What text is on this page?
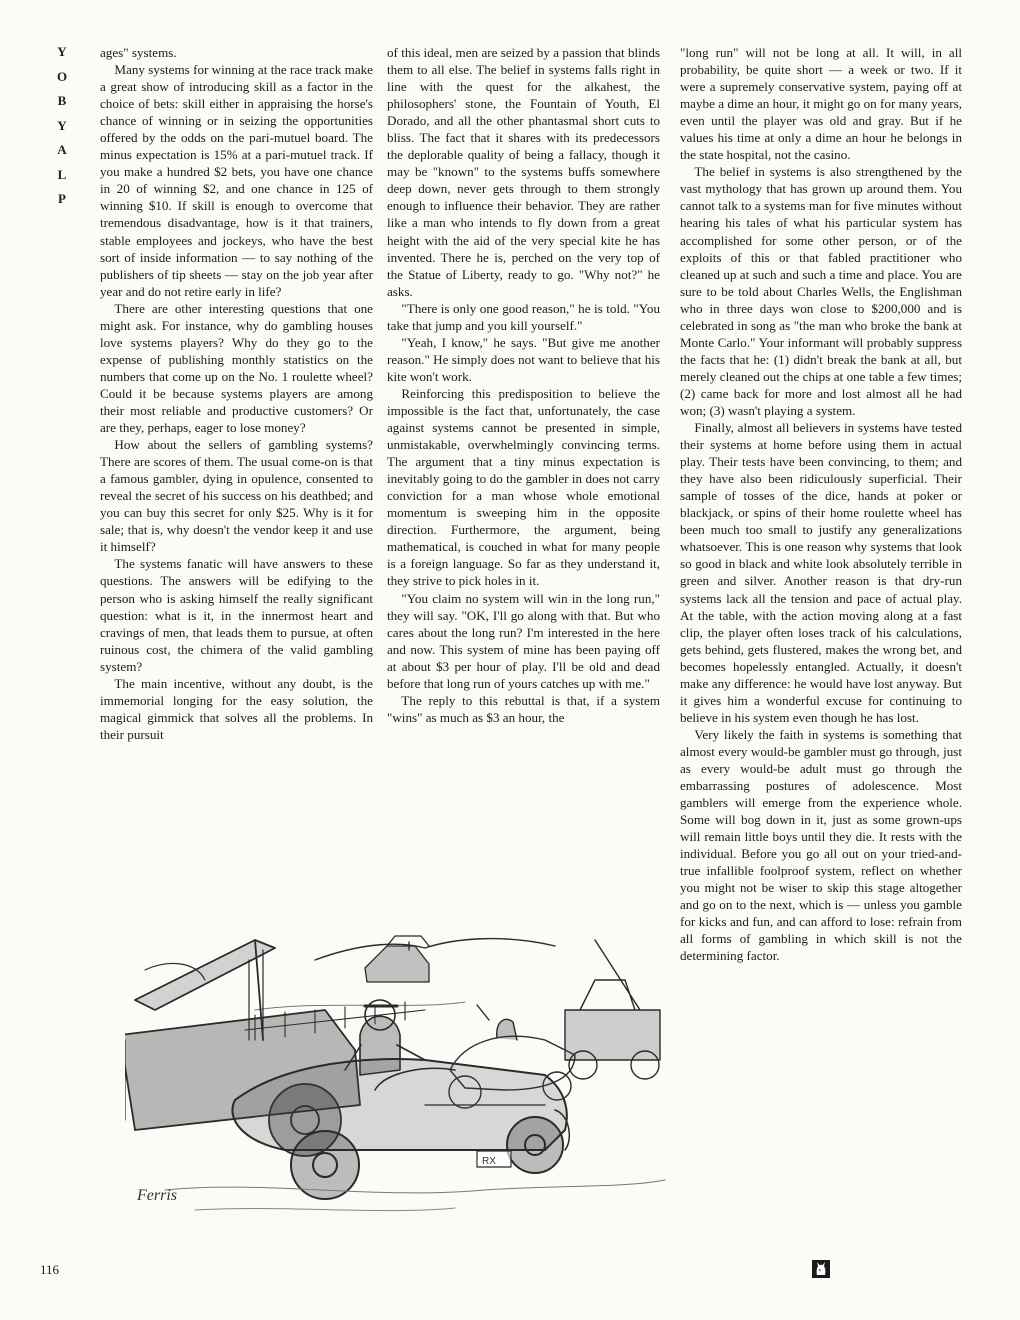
Y
O
B
Y
A
L
P

ages" systems.

Many systems for winning at the race track make a great show of introducing skill as a factor in the choice of bets: skill either in appraising the horse's chance of winning or in seizing the opportunities offered by the odds on the pari-mutuel board. The minus expectation is 15% at a pari-mutuel track. If you make a hundred $2 bets, you have one chance in 20 of winning $2, and one chance in 125 of winning $10. If skill is enough to overcome that tremendous disadvantage, how is it that trainers, stable employees and jockeys, who have the best sort of inside information — to say nothing of the publishers of tip sheets — stay on the job year after year and do not retire early in life?

There are other interesting questions that one might ask. For instance, why do gambling houses love systems players? Why do they go to the expense of publishing monthly statistics on the numbers that come up on the No. 1 roulette wheel? Could it be because systems players are among their most reliable and productive customers? Or are they, perhaps, eager to lose money?

How about the sellers of gambling systems? There are scores of them. The usual come-on is that a famous gambler, dying in opulence, consented to reveal the secret of his success on his deathbed; and you can buy this secret for only $25. Why is it for sale; that is, why doesn't the vendor keep it and use it himself?

The systems fanatic will have answers to these questions. The answers will be edifying to the person who is asking himself the really significant question: what is it, in the innermost heart and cravings of men, that leads them to pursue, at often ruinous cost, the chimera of the valid gambling system?

The main incentive, without any doubt, is the immemorial longing for the easy solution, the magical gimmick that solves all the problems. In their pursuit

of this ideal, men are seized by a passion that blinds them to all else. The belief in systems falls right in line with the quest for the alkahest, the philosophers' stone, the Fountain of Youth, El Dorado, and all the other phantasmal short cuts to bliss. The fact that it shares with its predecessors the deplorable quality of being a fallacy, though it may be "known" to the systems buffs somewhere deep down, never gets through to them strongly enough to influence their behavior. They are rather like a man who intends to fly down from a great height with the aid of the very special kite he has invented. There he is, perched on the very top of the Statue of Liberty, ready to go. "Why not?" he asks.

"There is only one good reason," he is told. "You take that jump and you kill yourself."

"Yeah, I know," he says. "But give me another reason." He simply does not want to believe that his kite won't work.

Reinforcing this predisposition to believe the impossible is the fact that, unfortunately, the case against systems cannot be presented in simple, unmistakable, overwhelmingly convincing terms. The argument that a tiny minus expectation is inevitably going to do the gambler in does not carry conviction for a man whose whole emotional momentum is sweeping him in the opposite direction. Furthermore, the argument, being mathematical, is couched in what for many people is a foreign language. So far as they understand it, they strive to pick holes in it.

"You claim no system will win in the long run," they will say. "OK, I'll go along with that. But who cares about the long run? I'm interested in the here and now. This system of mine has been paying off at about $3 per hour of play. I'll be old and dead before that long run of yours catches up with me."

The reply to this rebuttal is that, if a system "wins" as much as $3 an hour, the

"long run" will not be long at all. It will, in all probability, be quite short — a week or two. If it were a supremely conservative system, paying off at maybe a dime an hour, it might go on for many years, even until the player was old and gray. But if he values his time at only a dime an hour he belongs in the state hospital, not the casino.

The belief in systems is also strengthened by the vast mythology that has grown up around them. You cannot talk to a systems man for five minutes without hearing his tales of what his particular system has accomplished for some other person, or of the exploits of this or that fabled practitioner who cleaned up at such and such a time and place. You are sure to be told about Charles Wells, the Englishman who in three days won close to $200,000 and is celebrated in song as "the man who broke the bank at Monte Carlo." Your informant will probably suppress the facts that he: (1) didn't break the bank at all, but merely cleaned out the chips at one table a few times; (2) came back for more and lost almost all he had won; (3) wasn't playing a system.

Finally, almost all believers in systems have tested their systems at home before using them in actual play. Their tests have been convincing, to them; and they have also been ridiculously superficial. Their sample of tosses of the dice, hands at poker or blackjack, or spins of their home roulette wheel has been much too small to justify any generalizations whatsoever. This is one reason why systems that look so good in black and white look absolutely terrible in green and silver. Another reason is that dry-run systems lack all the tension and pace of actual play. At the table, with the action moving along at a fast clip, the player often loses track of his calculations, gets behind, gets flustered, makes the wrong bet, and becomes hopelessly entangled. Actually, it doesn't make any difference: he would have lost anyway. But it gives him a wonderful excuse for continuing to believe in his system even though he has lost.

Very likely the faith in systems is something that almost every would-be gambler must go through, just as every would-be adult must go through the embarrassing postures of adolescence. Most gamblers will emerge from the experience whole. Some will bog down in it, just as some grown-ups will remain little boys until they die. It rests with the individual. Before you go all out on your tried-and-true infallible foolproof system, reflect on whether you might not be wiser to skip this stage altogether and go on to the next, which is — unless you gamble for kicks and fun, and can afford to lose: refrain from all forms of gambling in which skill is not the determining factor.

RX
Ferris
116
